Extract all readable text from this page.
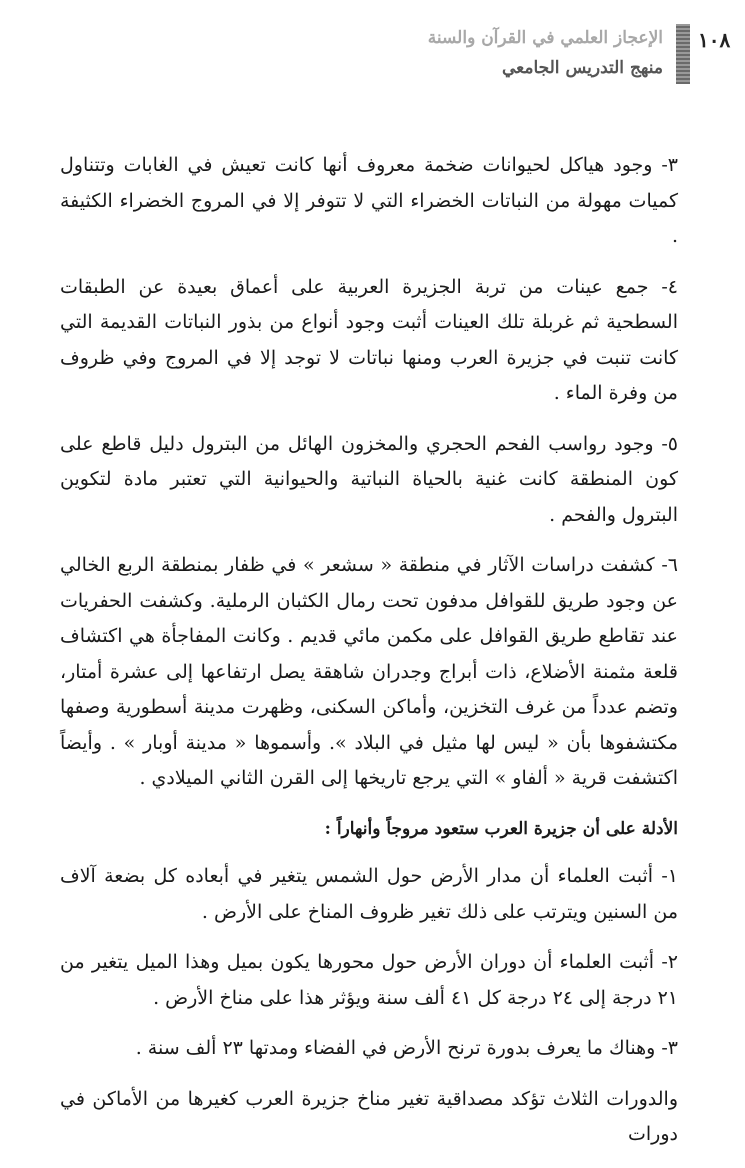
١٠٨
الإعجاز العلمي في القرآن والسنة
منهج التدريس الجامعي

٣- وجود هياكل لحيوانات ضخمة معروف أنها كانت تعيش في الغابات وتتناول كميات مهولة من النباتات الخضراء التي لا تتوفر إلا في المروج الخضراء الكثيفة .

٤- جمع عينات من تربة الجزيرة العربية على أعماق بعيدة عن الطبقات السطحية ثم غربلة تلك العينات أثبت وجود أنواع من بذور النباتات القديمة التي كانت تنبت في جزيرة العرب ومنها نباتات لا توجد إلا في المروج وفي ظروف من وفرة الماء .

٥- وجود رواسب الفحم الحجري والمخزون الهائل من البترول دليل قاطع على كون المنطقة كانت غنية بالحياة النباتية والحيوانية التي تعتبر مادة لتكوين البترول والفحم .

٦- كشفت دراسات الآثار في منطقة « سشعر » في ظفار بمنطقة الربع الخالي عن وجود طريق للقوافل مدفون تحت رمال الكثبان الرملية. وكشفت الحفريات عند تقاطع طريق القوافل على مكمن مائي قديم . وكانت المفاجأة هي اكتشاف قلعة مثمنة الأضلاع، ذات أبراج وجدران شاهقة يصل ارتفاعها إلى عشرة أمتار، وتضم عدداً من غرف التخزين، وأماكن السكنى، وظهرت مدينة أسطورية وصفها مكتشفوها بأن « ليس لها مثيل في البلاد ». وأسموها « مدينة أوبار » . وأيضاً اكتشفت قرية « ألفاو » التي يرجع تاريخها إلى القرن الثاني الميلادي .

الأدلة على أن جزيرة العرب ستعود مروجاً وأنهاراً :

١- أثبت العلماء أن مدار الأرض حول الشمس يتغير في أبعاده كل بضعة آلاف من السنين ويترتب على ذلك تغير ظروف المناخ على الأرض .

٢- أثبت العلماء أن دوران الأرض حول محورها يكون بميل وهذا الميل يتغير من ٢١ درجة إلى ٢٤ درجة كل ٤١ ألف سنة ويؤثر هذا على مناخ الأرض .

٣- وهناك ما يعرف بدورة ترنح الأرض في الفضاء ومدتها ٢٣ ألف سنة .

والدورات الثلاث تؤكد مصداقية تغير مناخ جزيرة العرب كغيرها من الأماكن في دورات
